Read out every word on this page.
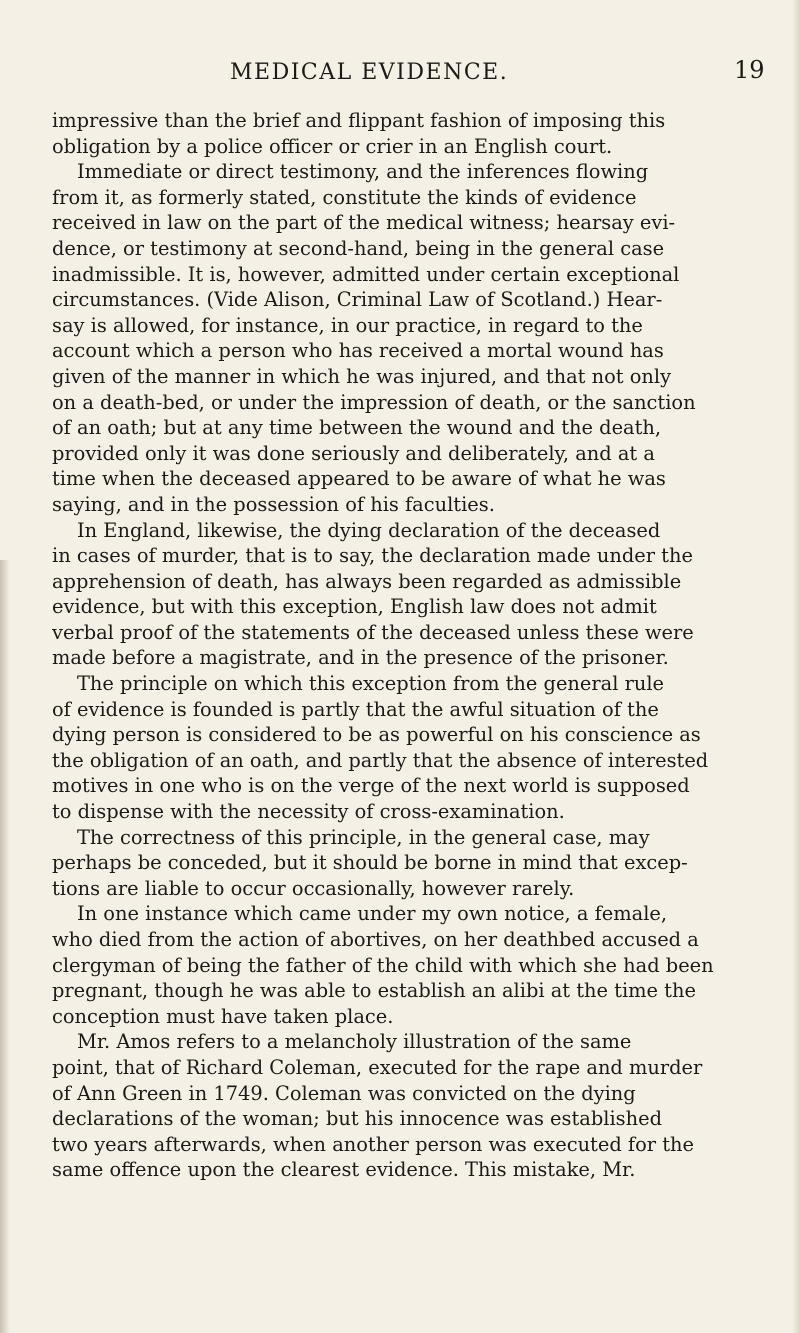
MEDICAL EVIDENCE.	19
impressive than the brief and flippant fashion of imposing this
obligation by a police officer or crier in an English court.
Immediate or direct testimony, and the inferences flowing
from it, as formerly stated, constitute the kinds of evidence
received in law on the part of the medical witness; hearsay evi-
dence, or testimony at second-hand, being in the general case
inadmissible. It is, however, admitted under certain exceptional
circumstances. (Vide Alison, Criminal Law of Scotland.) Hear-
say is allowed, for instance, in our practice, in regard to the
account which a person who has received a mortal wound has
given of the manner in which he was injured, and that not only
on a death-bed, or under the impression of death, or the sanction
of an oath; but at any time between the wound and the death,
provided only it was done seriously and deliberately, and at a
time when the deceased appeared to be aware of what he was
saying, and in the possession of his faculties.
In England, likewise, the dying declaration of the deceased
in cases of murder, that is to say, the declaration made under the
apprehension of death, has always been regarded as admissible
evidence, but with this exception, English law does not admit
verbal proof of the statements of the deceased unless these were
made before a magistrate, and in the presence of the prisoner.
The principle on which this exception from the general rule
of evidence is founded is partly that the awful situation of the
dying person is considered to be as powerful on his conscience as
the obligation of an oath, and partly that the absence of interested
motives in one who is on the verge of the next world is supposed
to dispense with the necessity of cross-examination.
The correctness of this principle, in the general case, may
perhaps be conceded, but it should be borne in mind that excep-
tions are liable to occur occasionally, however rarely.
In one instance which came under my own notice, a female,
who died from the action of abortives, on her deathbed accused a
clergyman of being the father of the child with which she had been
pregnant, though he was able to establish an alibi at the time the
conception must have taken place.
Mr. Amos refers to a melancholy illustration of the same
point, that of Richard Coleman, executed for the rape and murder
of Ann Green in 1749. Coleman was convicted on the dying
declarations of the woman; but his innocence was established
two years afterwards, when another person was executed for the
same offence upon the clearest evidence. This mistake, Mr.
